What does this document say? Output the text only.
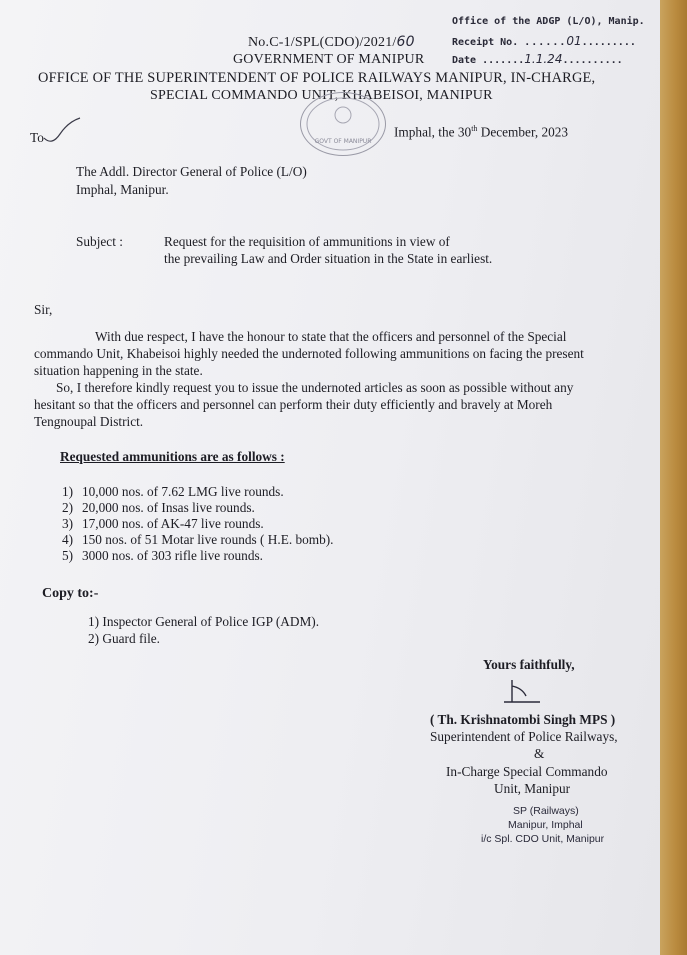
Office of the ADGP (L/O), Manip.
Receipt No. ......01.........
Date .......1.1.24..........
No.C-1/SPL(CDO)/2021/60
GOVERNMENT OF MANIPUR
OFFICE OF THE SUPERINTENDENT OF POLICE RAILWAYS MANIPUR, IN-CHARGE,
SPECIAL COMMANDO UNIT, KHABEISOI, MANIPUR
GOVT OF MANIPUR
To	Imphal, the 30th December, 2023
The Addl. Director General of Police (L/O)
Imphal, Manipur.
Subject :	Request for the requisition of ammunitions in view of
the prevailing Law and Order situation in the State in earliest.
Sir,
With due respect, I have the honour to state that the officers and personnel of the Special
commando Unit, Khabeisoi highly needed the undernoted following ammunitions on facing the present
situation happening in the state.
So, I therefore kindly request you to issue the undernoted articles as soon as possible without any
hesitant so that the officers and personnel can perform their duty efficiently and bravely at Moreh
Tengnoupal District.
Requested ammunitions are as follows :
1) 10,000 nos. of 7.62 LMG live rounds.
2) 20,000 nos. of Insas live rounds.
3) 17,000 nos. of AK-47 live rounds.
4) 150 nos. of 51 Motar live rounds ( H.E. bomb).
5) 3000 nos. of 303 rifle live rounds.
Copy to:-
1) Inspector General of Police IGP (ADM).
2) Guard file.
Yours faithfully,
( Th. Krishnatombi Singh MPS )
Superintendent of Police Railways,
&
In-Charge Special Commando
Unit, Manipur
SP (Railways)
Manipur, Imphal
i/c Spl. CDO Unit, Manipur
